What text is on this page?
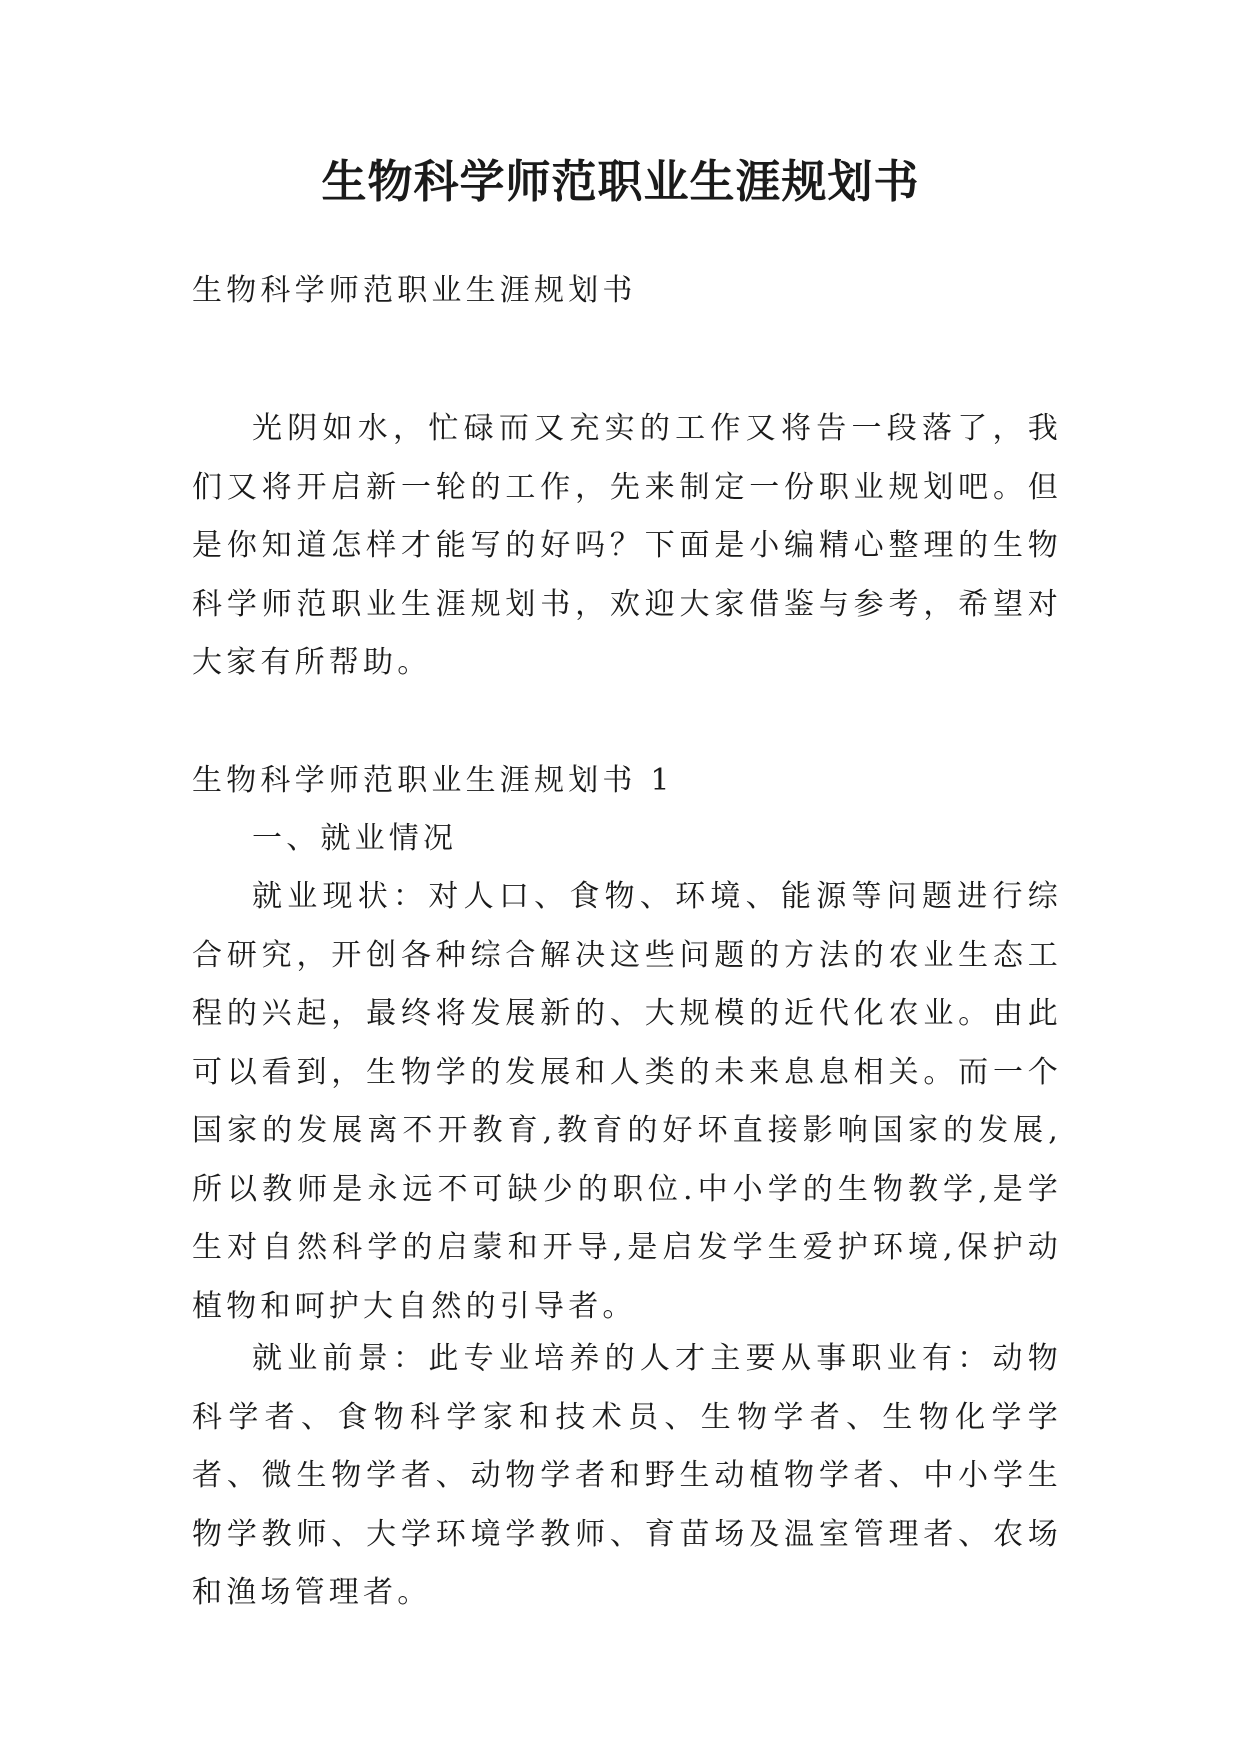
生物科学师范职业生涯规划书

生物科学师范职业生涯规划书

光阴如水，忙碌而又充实的工作又将告一段落了，我们又将开启新一轮的工作，先来制定一份职业规划吧。但是你知道怎样才能写的好吗？下面是小编精心整理的生物科学师范职业生涯规划书，欢迎大家借鉴与参考，希望对大家有所帮助。

生物科学师范职业生涯规划书 1

一、就业情况

就业现状：对人口、食物、环境、能源等问题进行综合研究，开创各种综合解决这些问题的方法的农业生态工程的兴起，最终将发展新的、大规模的近代化农业。由此可以看到，生物学的发展和人类的未来息息相关。而一个国家的发展离不开教育,教育的好坏直接影响国家的发展,所以教师是永远不可缺少的职位.中小学的生物教学,是学生对自然科学的启蒙和开导,是启发学生爱护环境,保护动植物和呵护大自然的引导者。

就业前景：此专业培养的人才主要从事职业有：动物科学者、食物科学家和技术员、生物学者、生物化学学者、微生物学者、动物学者和野生动植物学者、中小学生物学教师、大学环境学教师、育苗场及温室管理者、农场和渔场管理者。
